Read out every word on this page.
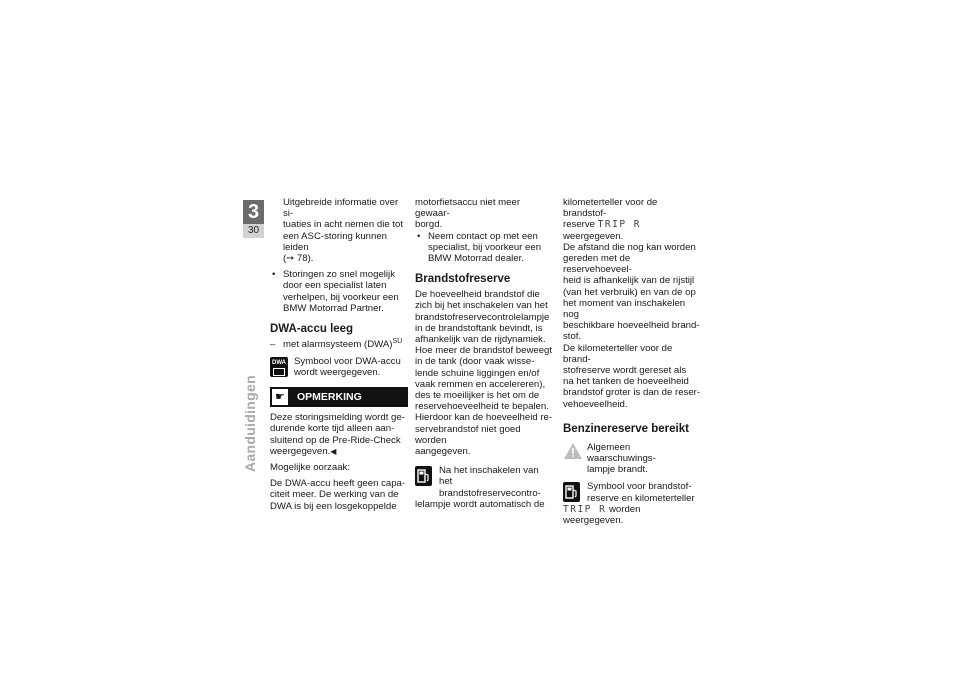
3
30
Aanduidingen

Uitgebreide informatie over si-

tuaties in acht nemen die tot

een ASC-storing kunnen leiden

(➙ 78).

• Storingen zo snel mogelijk

door een specialist laten

verhelpen, bij voorkeur een

BMW Motorrad Partner.

DWA-accu leeg
– met alarmsysteem (DWA)$^{SU}$
DWA Symbool voor DWA-accu

wordt weergegeven.

☛ OPMERKING

Deze storingsmelding wordt ge-

durende korte tijd alleen aan-

sluitend op de Pre-Ride-Check

weergegeven.◀

Mogelijke oorzaak:

De DWA-accu heeft geen capa-

citeit meer. De werking van de

DWA is bij een losgekoppelde

motorfietsaccu niet meer gewaar-

borgd.

• Neem contact op met een

specialist, bij voorkeur een

BMW Motorrad dealer.

Brandstofreserve

De hoeveelheid brandstof die

zich bij het inschakelen van het

brandstofreservecontrolelampje

in de brandstoftank bevindt, is

afhankelijk van de rijdynamiek.

Hoe meer de brandstof beweegt

in de tank (door vaak wisse-

lende schuine liggingen en/of

vaak remmen en accelereren),

des te moeilijker is het om de

reservehoeveelheid te bepalen.

Hierdoor kan de hoeveelheid re-

servebrandstof niet goed worden

aangegeven.

Na het inschakelen van het

brandstofreservecontro-

lelampje wordt automatisch de

kilometerteller voor de brandstof-

reserve TRIP R weergegeven.

De afstand die nog kan worden

gereden met de reservehoeveel-

heid is afhankelijk van de rijstijl

(van het verbruik) en van de op

het moment van inschakelen nog

beschikbare hoeveelheid brand-

stof.

De kilometerteller voor de brand-

stofreserve wordt gereset als

na het tanken de hoeveelheid

brandstof groter is dan de reser-

vehoeveelheid.

Benzinereserve bereikt

Algemeen waarschuwings-

lampje brandt.

Symbool voor brandstof-

reserve en kilometerteller

TRIP R worden weergegeven.
